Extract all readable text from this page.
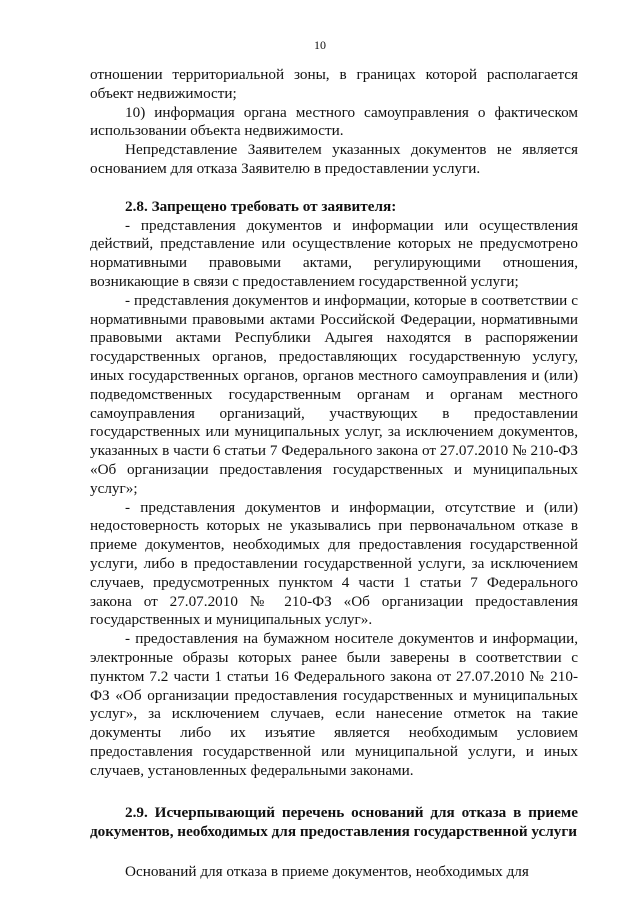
10

отношении территориальной зоны, в границах которой располагается объект недвижимости;

10) информация органа местного самоуправления о фактическом использовании объекта недвижимости.

Непредставление Заявителем указанных документов не является основанием для отказа Заявителю в предоставлении услуги.

2.8. Запрещено требовать от заявителя:

- представления документов и информации или осуществления действий, представление или осуществление которых не предусмотрено нормативными правовыми актами, регулирующими отношения, возникающие в связи с предоставлением государственной услуги;

- представления документов и информации, которые в соответствии с нормативными правовыми актами Российской Федерации, нормативными правовыми актами Республики Адыгея находятся в распоряжении государственных органов, предоставляющих государственную услугу, иных государственных органов, органов местного самоуправления и (или) подведомственных государственным органам и органам местного самоуправления организаций, участвующих в предоставлении государственных или муниципальных услуг, за исключением документов, указанных в части 6 статьи 7 Федерального закона от 27.07.2010 № 210-ФЗ «Об организации предоставления государственных и муниципальных услуг»;

- представления документов и информации, отсутствие и (или) недостоверность которых не указывались при первоначальном отказе в приеме документов, необходимых для предоставления государственной услуги, либо в предоставлении государственной услуги, за исключением случаев, предусмотренных пунктом 4 части 1 статьи 7 Федерального закона от 27.07.2010 № 210-ФЗ «Об организации предоставления государственных и муниципальных услуг».

- предоставления на бумажном носителе документов и информации, электронные образы которых ранее были заверены в соответствии с пунктом 7.2 части 1 статьи 16 Федерального закона от 27.07.2010 № 210-ФЗ «Об организации предоставления государственных и муниципальных услуг», за исключением случаев, если нанесение отметок на такие документы либо их изъятие является необходимым условием предоставления государственной или муниципальной услуги, и иных случаев, установленных федеральными законами.

2.9. Исчерпывающий перечень оснований для отказа в приеме документов, необходимых для предоставления государственной услуги

Оснований для отказа в приеме документов, необходимых для
